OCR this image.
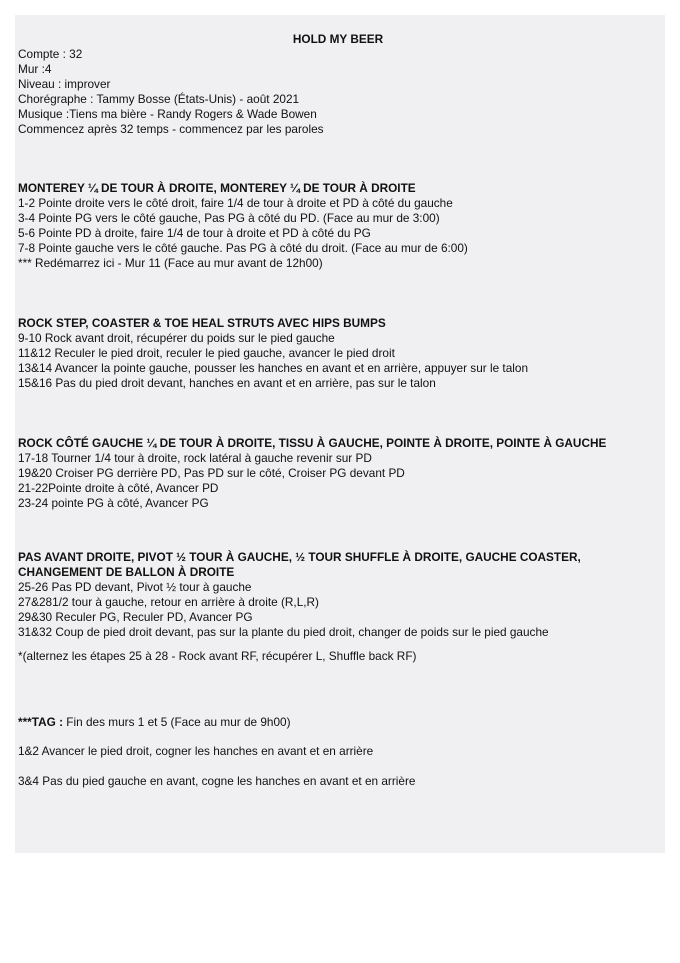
HOLD MY BEER
Compte : 32
Mur :4
Niveau : improver
Chorégraphe : Tammy Bosse (États-Unis) - août 2021
Musique :Tiens ma bière - Randy Rogers & Wade Bowen
Commencez après 32 temps - commencez par les paroles
MONTEREY ¼ DE TOUR À DROITE, MONTEREY ¼ DE TOUR À DROITE
1-2 Pointe droite vers le côté droit, faire 1/4 de tour à droite et PD à côté du gauche
3-4 Pointe PG vers le côté gauche, Pas PG à côté du PD. (Face au mur de 3:00)
5-6 Pointe PD à droite, faire 1/4 de tour à droite et PD à côté du PG
7-8 Pointe gauche vers le côté gauche. Pas PG à côté du droit. (Face au mur de 6:00)
*** Redémarrez ici - Mur 11 (Face au mur avant de 12h00)
ROCK STEP, COASTER & TOE HEAL STRUTS AVEC HIPS BUMPS
9-10 Rock avant droit, récupérer du poids sur le pied gauche
11&12 Reculer le pied droit, reculer le pied gauche, avancer le pied droit
13&14 Avancer la pointe gauche, pousser les hanches en avant et en arrière, appuyer sur le talon
15&16 Pas du pied droit devant, hanches en avant et en arrière, pas sur le talon
ROCK CÔTÉ GAUCHE ¼ DE TOUR À DROITE, TISSU À GAUCHE, POINTE À DROITE, POINTE À GAUCHE
17-18 Tourner 1/4 tour à droite, rock latéral à gauche revenir sur PD
19&20 Croiser PG derrière PD, Pas PD sur le côté, Croiser PG devant PD
21-22Pointe droite à côté, Avancer PD
23-24 pointe PG à côté, Avancer PG
PAS AVANT DROITE, PIVOT ½ TOUR À GAUCHE, ½ TOUR SHUFFLE À DROITE, GAUCHE COASTER,
CHANGEMENT DE BALLON À DROITE
25-26 Pas PD devant, Pivot ½ tour à gauche
27&281/2 tour à gauche, retour en arrière à droite (R,L,R)
29&30 Reculer PG, Reculer PD, Avancer PG
31&32 Coup de pied droit devant, pas sur la plante du pied droit, changer de poids sur le pied gauche
*(alternez les étapes 25 à 28 - Rock avant RF, récupérer L, Shuffle back RF)
***TAG : Fin des murs 1 et 5 (Face au mur de 9h00)
1&2 Avancer le pied droit, cogner les hanches en avant et en arrière
3&4 Pas du pied gauche en avant, cogne les hanches en avant et en arrière
